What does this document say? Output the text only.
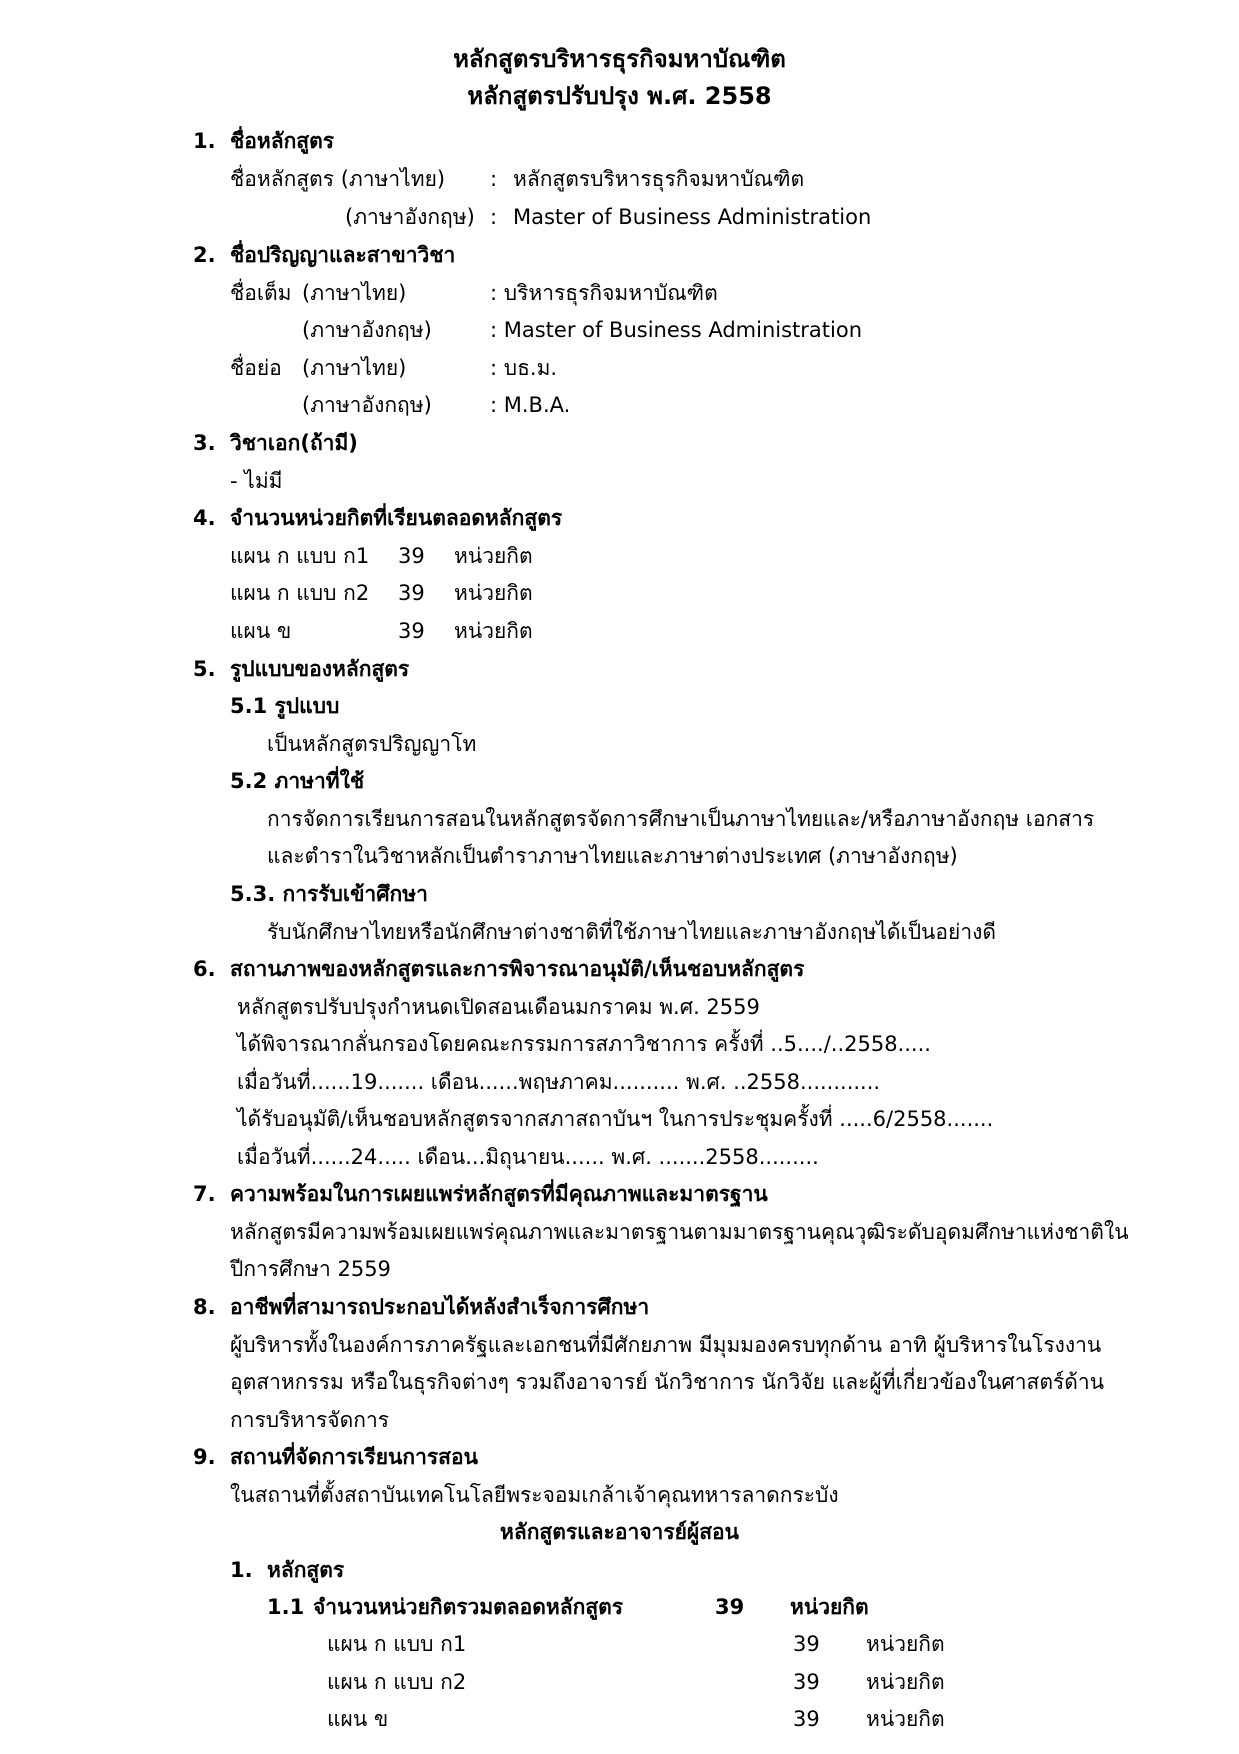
หลักสูตรบริหารธุรกิจมหาบัณฑิต
หลักสูตรปรับปรุง พ.ศ. 2558
1. ชื่อหลักสูตร
ชื่อหลักสูตร (ภาษาไทย) : หลักสูตรบริหารธุรกิจมหาบัณฑิต
(ภาษาอังกฤษ) : Master of Business Administration
2. ชื่อปริญญาและสาขาวิชา
ชื่อเต็ม (ภาษาไทย)	: บริหารธุรกิจมหาบัณฑิต
(ภาษาอังกฤษ)	: Master of Business Administration
ชื่อย่อ (ภาษาไทย)	: บธ.ม.
(ภาษาอังกฤษ)	: M.B.A.
3. วิชาเอก(ถ้ามี)
- ไม่มี
4. จำนวนหน่วยกิตที่เรียนตลอดหลักสูตร
แผน ก แบบ ก1 39 หน่วยกิต
แผน ก แบบ ก2 39 หน่วยกิต
แผน ข	39 หน่วยกิต
5. รูปแบบของหลักสูตร
5.1 รูปแบบ
เป็นหลักสูตรปริญญาโท
5.2 ภาษาที่ใช้
การจัดการเรียนการสอนในหลักสูตรจัดการศึกษาเป็นภาษาไทยและ/หรือภาษาอังกฤษ เอกสาร
และตำราในวิชาหลักเป็นตำราภาษาไทยและภาษาต่างประเทศ (ภาษาอังกฤษ)
5.3. การรับเข้าศึกษา
รับนักศึกษาไทยหรือนักศึกษาต่างชาติที่ใช้ภาษาไทยและภาษาอังกฤษได้เป็นอย่างดี
6. สถานภาพของหลักสูตรและการพิจารณาอนุมัติ/เห็นชอบหลักสูตร
หลักสูตรปรับปรุงกำหนดเปิดสอนเดือนมกราคม พ.ศ. 2559
ได้พิจารณากลั่นกรองโดยคณะกรรมการสภาวิชาการ ครั้งที่ ..5..../..2558.....
เมื่อวันที่......19....... เดือน......พฤษภาคม.......... พ.ศ. ..2558............
ได้รับอนุมัติ/เห็นชอบหลักสูตรจากสภาสถาบันฯ ในการประชุมครั้งที่ .....6/2558.......
เมื่อวันที่......24..... เดือน...มิถุนายน...... พ.ศ. .......2558.........
7. ความพร้อมในการเผยแพร่หลักสูตรที่มีคุณภาพและมาตรฐาน
หลักสูตรมีความพร้อมเผยแพร่คุณภาพและมาตรฐานตามมาตรฐานคุณวุฒิระดับอุดมศึกษาแห่งชาติใน
ปีการศึกษา 2559
8. อาชีพที่สามารถประกอบได้หลังสำเร็จการศึกษา
ผู้บริหารทั้งในองค์การภาครัฐและเอกชนที่มีศักยภาพ มีมุมมองครบทุกด้าน อาทิ ผู้บริหารในโรงงาน
อุตสาหกรรม หรือในธุรกิจต่างๆ รวมถึงอาจารย์ นักวิชาการ นักวิจัย และผู้ที่เกี่ยวข้องในศาสตร์ด้าน
การบริหารจัดการ
9. สถานที่จัดการเรียนการสอน
ในสถานที่ตั้งสถาบันเทคโนโลยีพระจอมเกล้าเจ้าคุณทหารลาดกระบัง
หลักสูตรและอาจารย์ผู้สอน
1. หลักสูตร
1.1 จำนวนหน่วยกิตรวมตลอดหลักสูตร	39 หน่วยกิต
แผน ก แบบ ก1	39 หน่วยกิต
แผน ก แบบ ก2	39 หน่วยกิต
แผน ข	39 หน่วยกิต
